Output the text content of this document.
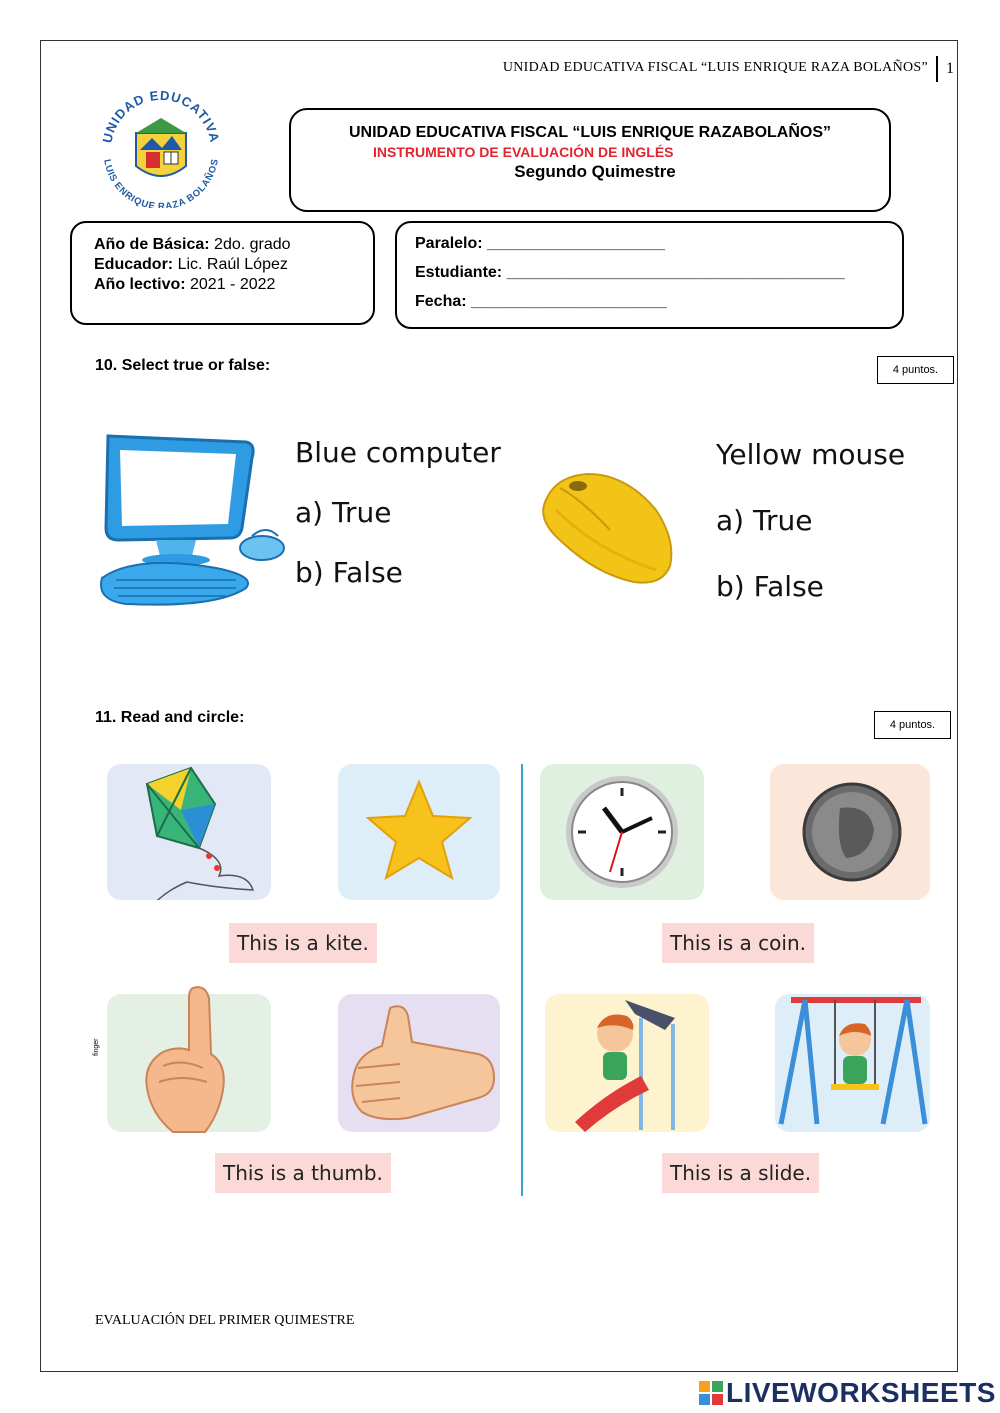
UNIDAD EDUCATIVA FISCAL “LUIS ENRIQUE RAZA BOLAÑOS” 1
UNIDAD EDUCATIVA
LUIS ENRIQUE RAZA BOLAÑOS
UNIDAD EDUCATIVA FISCAL “LUIS ENRIQUE RAZABOLAÑOS”
INSTRUMENTO DE EVALUACIÓN DE INGLÉS
Segundo Quimestre
Año de Básica: 2do. grado
Educador: Lic. Raúl López
Año lectivo: 2021 - 2022
Paralelo: ____________________
Estudiante: ______________________________________
Fecha: ______________________
10. Select true or false:	4 puntos.
Blue computer
a) True
b) False
Yellow mouse
a) True
b) False
11. Read and circle:	4 puntos.
This is a kite.	This is a coin.
finger
This is a thumb.	This is a slide.
EVALUACIÓN DEL PRIMER QUIMESTRE
LIVEWORKSHEETS
